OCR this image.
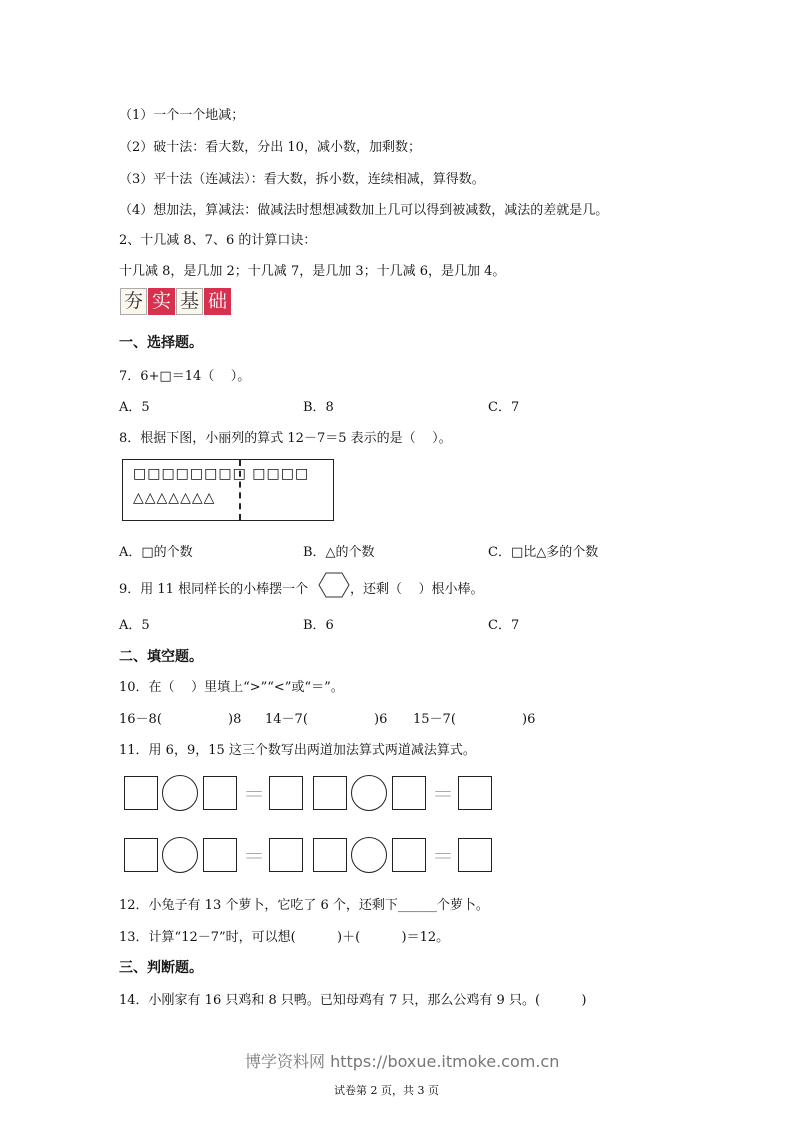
（1）一个一个地减；
（2）破十法：看大数，分出 10，减小数，加剩数；
（3）平十法（连减法）：看大数，拆小数，连续相减，算得数。
（4）想加法，算减法：做减法时想想减数加上几可以得到被减数，减法的差就是几。
2、十几减 8、7、6 的计算口诀：
十几减 8，是几加 2；十几减 7，是几加 3；十几减 6，是几加 4。
夯 实 基 础
一、选择题。
7．6+□＝14（    ）。
A．5	B．8	C．7
8．根据下图，小丽列的算式 12－7＝5 表示的是（    ）。
□□□□□□□□ □□□□
△△△△△△△
A．□的个数	B．△的个数	C．□比△多的个数
9．用 11 根同样长的小棒摆一个	，还剩（    ）根小棒。
A．5	B．6	C．7
二、填空题。
10．在（    ）里填上“>”“<”或“＝”。
16－8(                )8 14－7(                )6 15－7(                )6
11．用 6，9，15 这三个数写出两道加法算式两道减法算式。
＝	＝
＝	＝
12．小兔子有 13 个萝卜，它吃了 6 个，还剩下______个萝卜。
13．计算“12－7”时，可以想(          )＋(          )＝12。
三、判断题。
14．小刚家有 16 只鸡和 8 只鸭。已知母鸡有 7 只，那么公鸡有 9 只。(          )
博学资料网 https://boxue.itmoke.com.cn
试卷第 2 页，共 3 页
